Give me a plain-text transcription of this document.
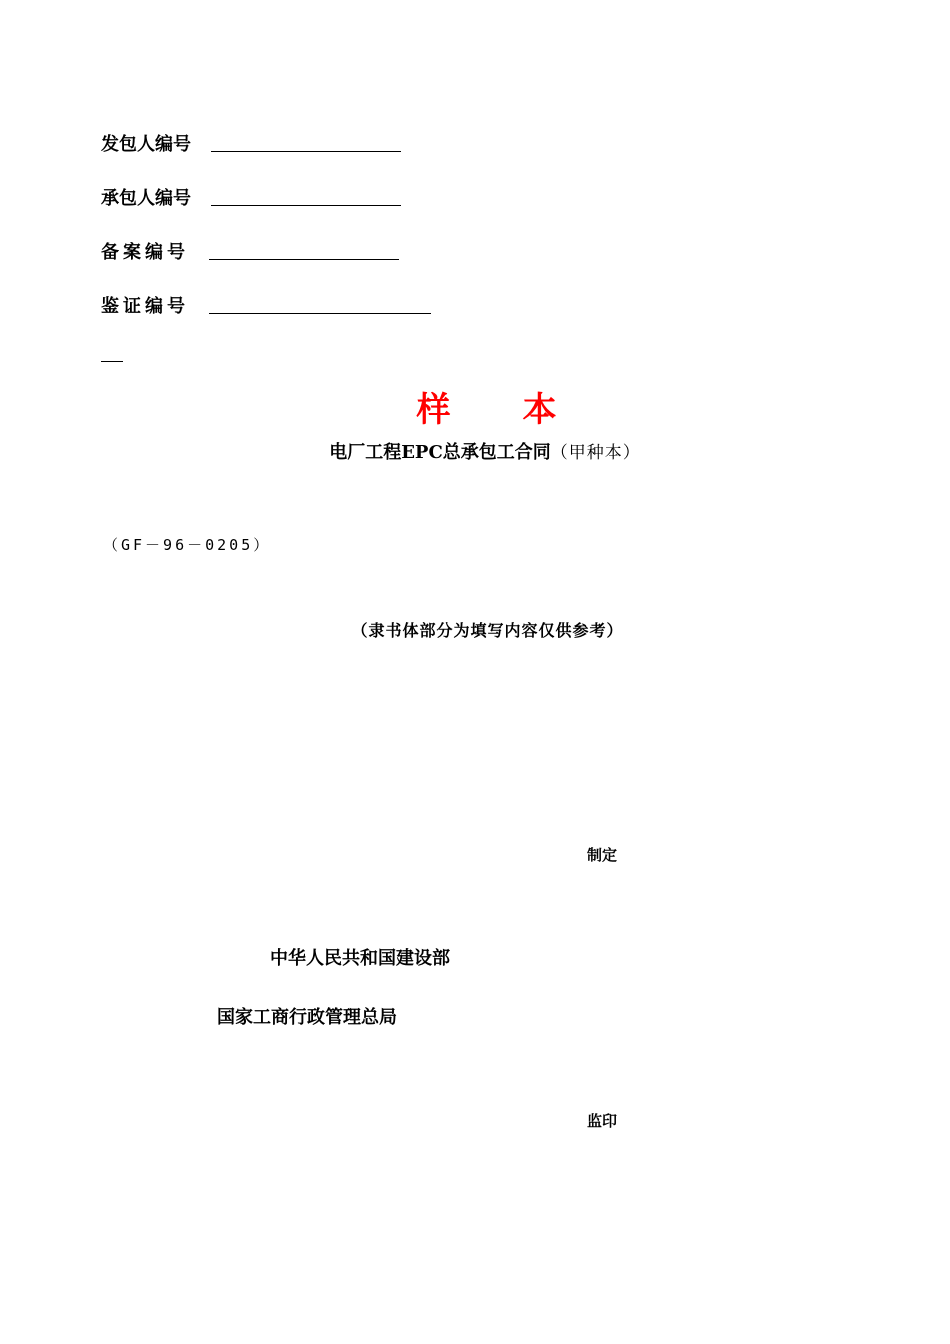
发包人编号
承包人编号
备案编号
鉴证编号
样 本
电厂工程EPC总承包工合同（甲种本）
（GF－96－0205）
（隶书体部分为填写内容仅供参考）
制定
中华人民共和国建设部
国家工商行政管理总局
监印
